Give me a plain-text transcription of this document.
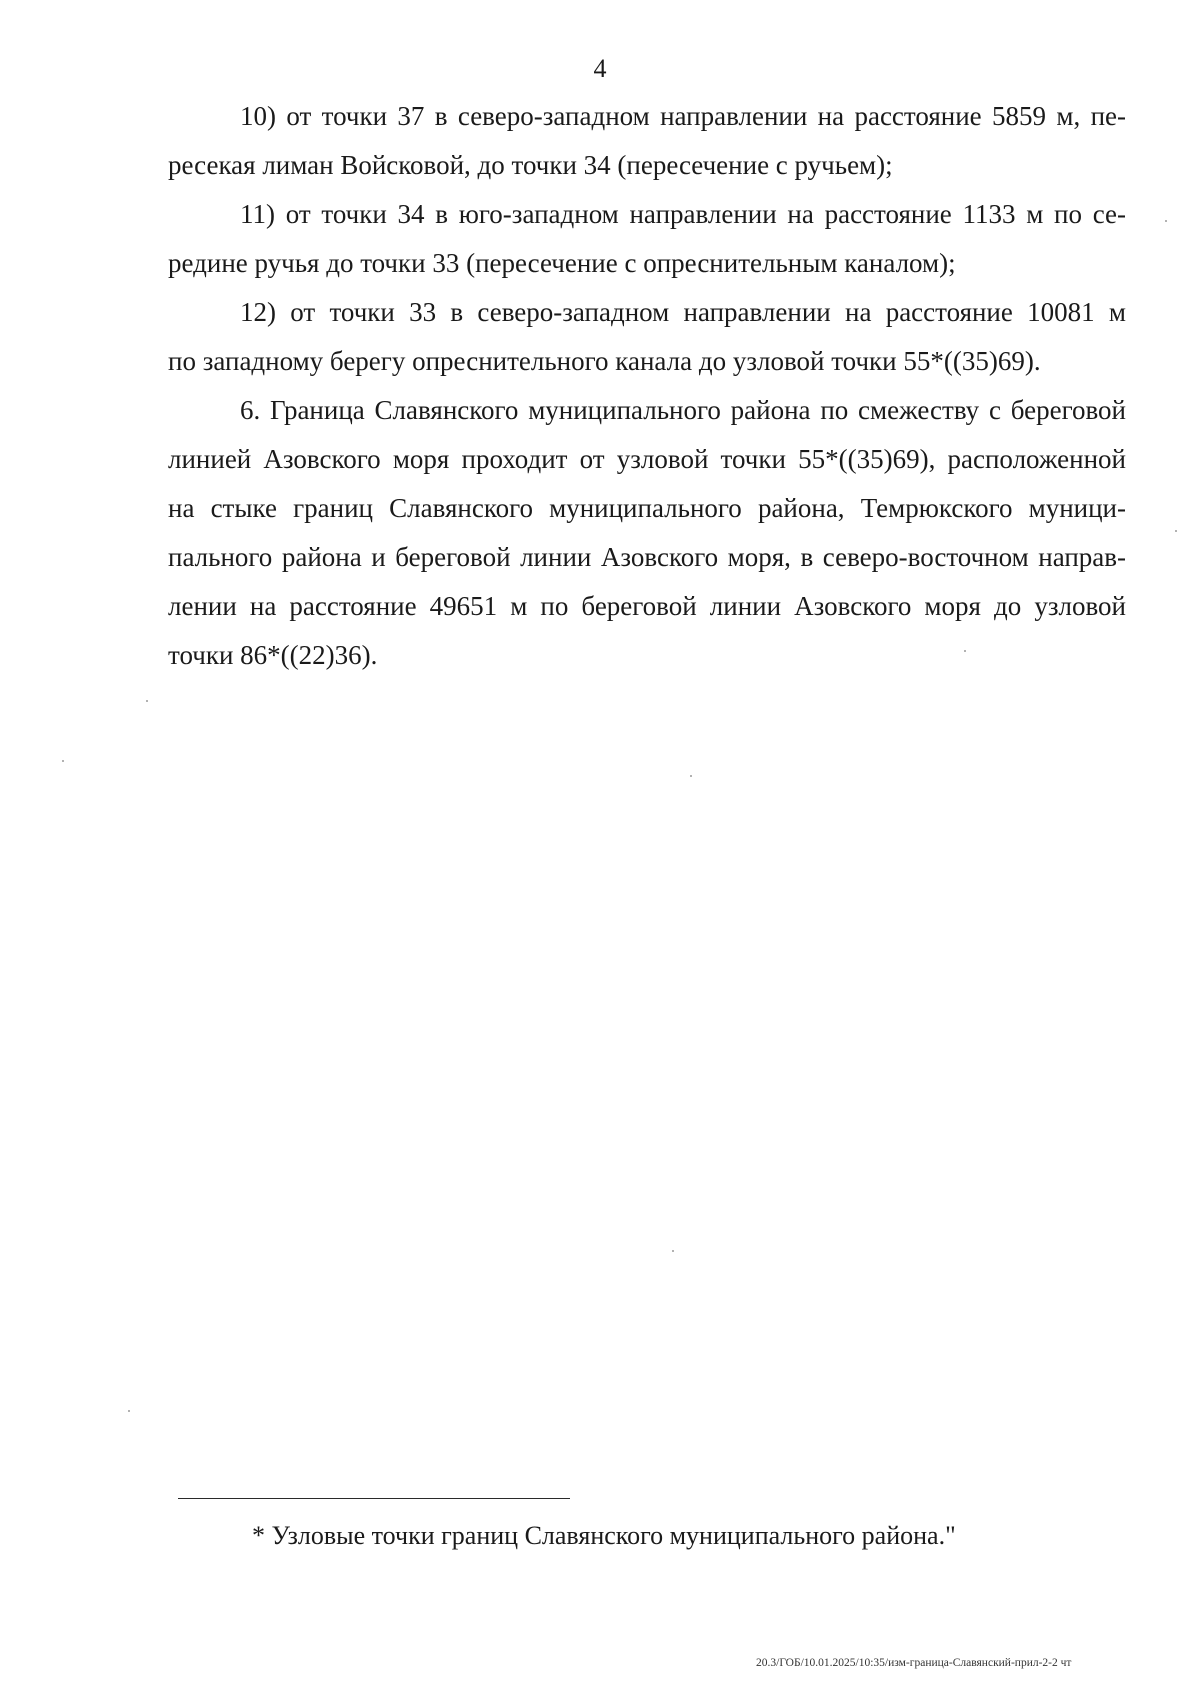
4

10) от точки 37 в северо-западном направлении на расстояние 5859 м, пе-
ресекая лиман Войсковой, до точки 34 (пересечение с ручьем);

11) от точки 34 в юго-западном направлении на расстояние 1133 м по се-
редине ручья до точки 33 (пересечение с опреснительным каналом);

12) от точки 33 в северо-западном направлении на расстояние 10081 м
по западному берегу опреснительного канала до узловой точки 55*((35)69).

6. Граница Славянского муниципального района по смежеству с береговой
линией Азовского моря проходит от узловой точки 55*((35)69), расположенной
на стыке границ Славянского муниципального района, Темрюкского муници-
пального района и береговой линии Азовского моря, в северо-восточном направ-
лении на расстояние 49651 м по береговой линии Азовского моря до узловой
точки 86*((22)36).

* Узловые точки границ Славянского муниципального района."
20.3/ГОБ/10.01.2025/10:35/изм-граница-Славянский-прил-2-2 чт
